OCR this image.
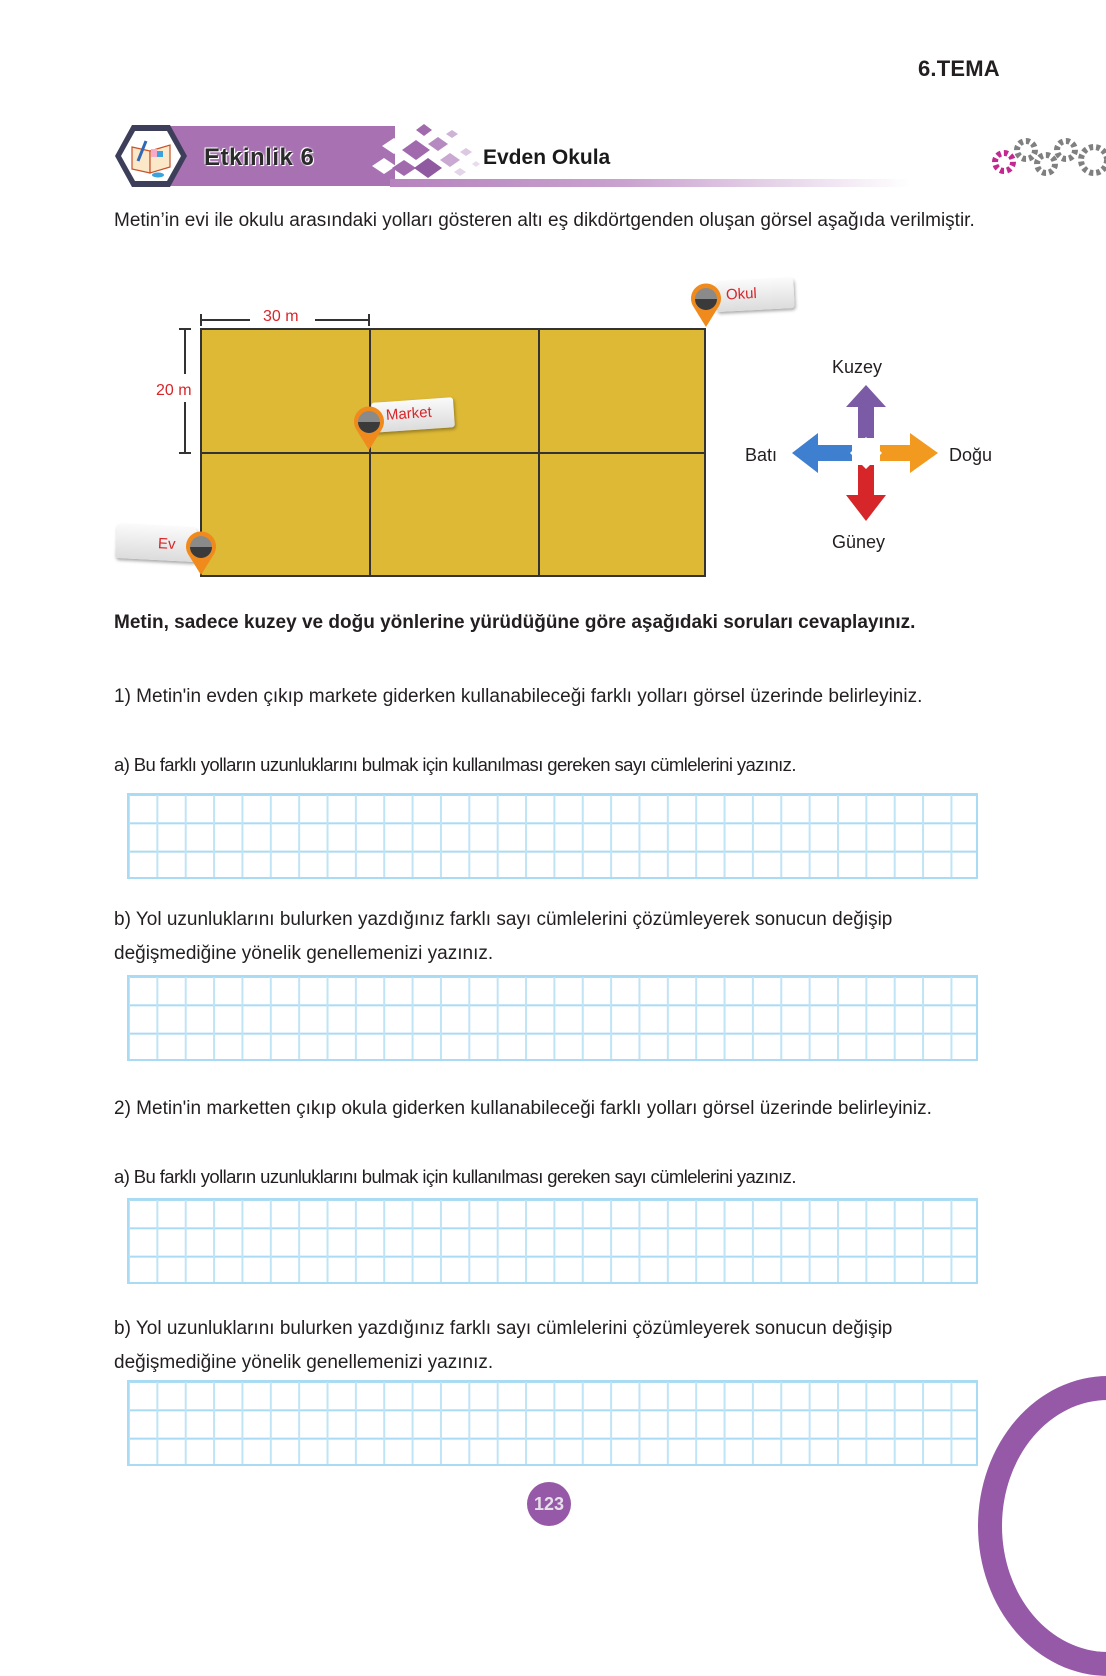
6.TEMA
Etkinlik 6	Evden Okula
Metin’in evi ile okulu arasındaki yolları gösteren altı eş dikdörtgenden oluşan görsel aşağıda verilmiştir.
30 m
20 m
Okul
Market
Ev
Kuzey
Batı	Doğu
Güney
Metin, sadece kuzey ve doğu yönlerine yürüdüğüne göre aşağıdaki soruları cevaplayınız.
1) Metin'in evden çıkıp markete giderken kullanabileceği farklı yolları görsel üzerinde belirleyiniz.
a) Bu farklı yolların uzunluklarını bulmak için kullanılması gereken sayı cümlelerini yazınız.
b) Yol uzunluklarını bulurken yazdığınız farklı sayı cümlelerini çözümleyerek sonucun değişip değişmediğine yönelik genellemenizi yazınız.
2) Metin'in marketten çıkıp okula giderken kullanabileceği farklı yolları görsel üzerinde belirleyiniz.
a) Bu farklı yolların uzunluklarını bulmak için kullanılması gereken sayı cümlelerini yazınız.
b) Yol uzunluklarını bulurken yazdığınız farklı sayı cümlelerini çözümleyerek sonucun değişip değişmediğine yönelik genellemenizi yazınız.
123
